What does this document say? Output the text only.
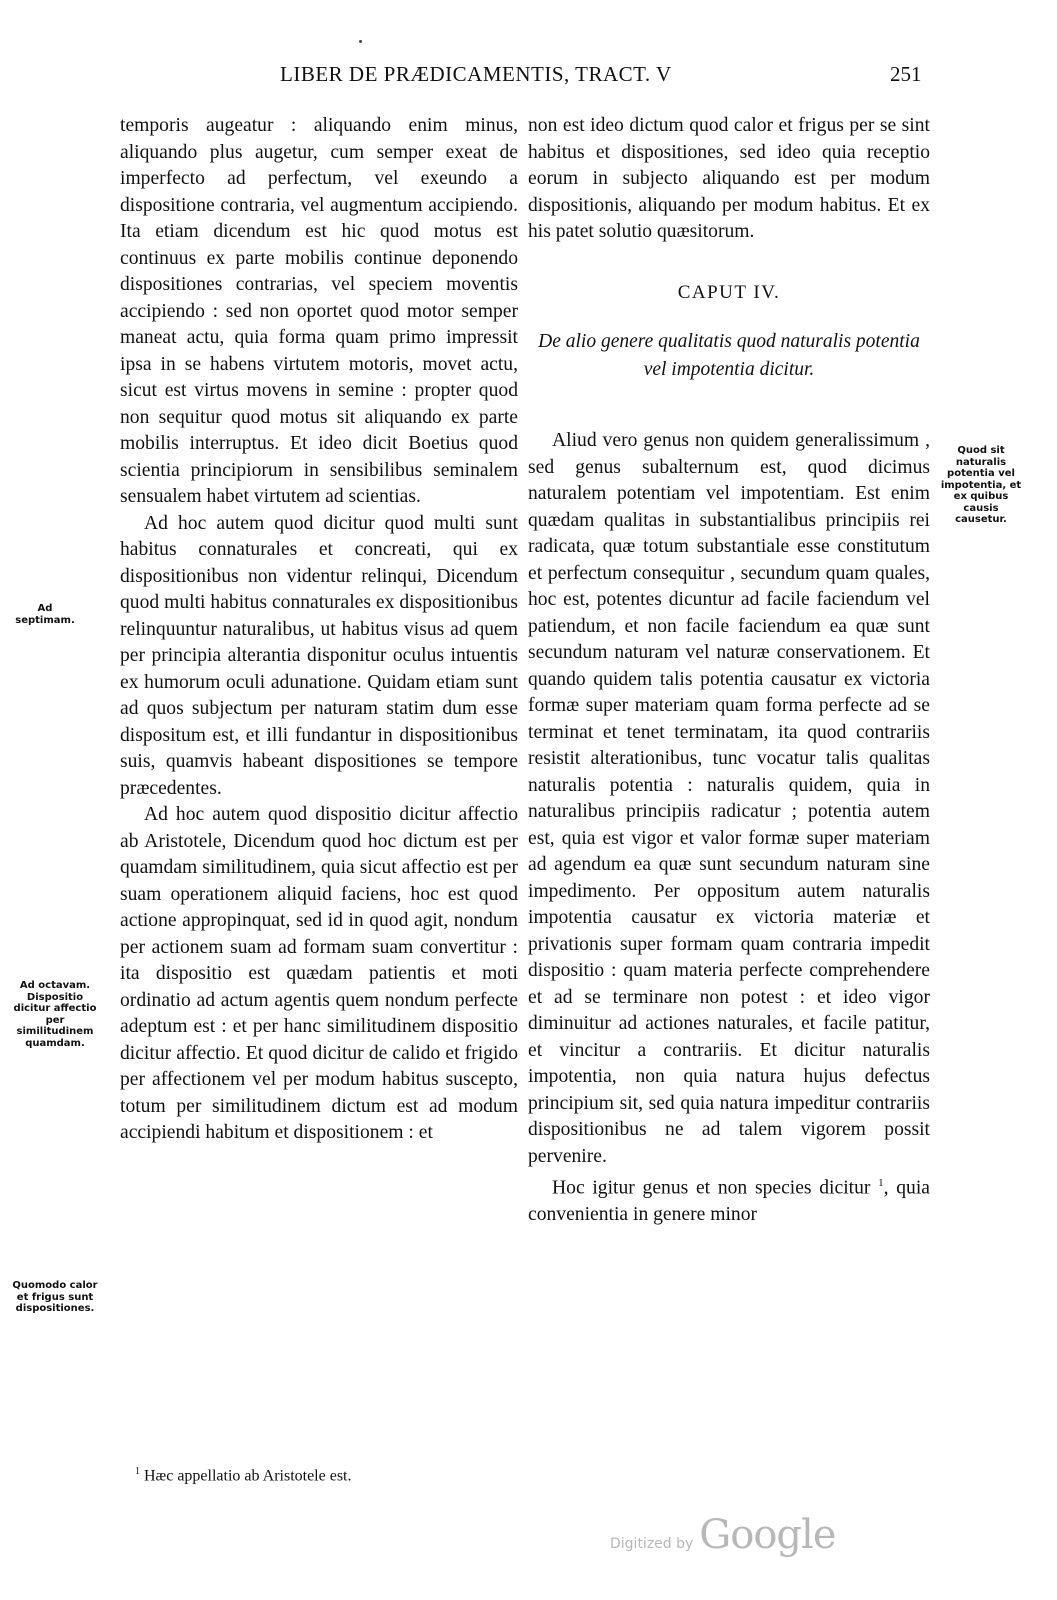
LIBER DE PRÆDICAMENTIS, TRACT. V	251

temporis augeatur : aliquando enim minus, aliquando plus augetur, cum semper exeat de imperfecto ad perfectum, vel exeundo a dispositione contraria, vel augmentum accipiendo. Ita etiam dicendum est hic quod motus est continuus ex parte mobilis continue deponendo dispositiones contrarias, vel speciem moventis accipiendo : sed non oportet quod motor semper maneat actu, quia forma quam primo impressit ipsa in se habens virtutem motoris, movet actu, sicut est virtus movens in semine : propter quod non sequitur quod motus sit aliquando ex parte mobilis interruptus. Et ideo dicit Boetius quod scientia principiorum in sensibilibus seminalem sensualem habet virtutem ad scientias.

Ad hoc autem quod dicitur quod multi sunt habitus connaturales et concreati, qui ex dispositionibus non videntur relinqui, Dicendum quod multi habitus connaturales ex dispositionibus relinquuntur naturalibus, ut habitus visus ad quem per principia alterantia disponitur oculus intuentis ex humorum oculi adunatione. Quidam etiam sunt ad quos subjectum per naturam statim dum esse dispositum est, et illi fundantur in dispositionibus suis, quamvis habeant dispositiones se tempore præcedentes.

Ad hoc autem quod dispositio dicitur affectio ab Aristotele, Dicendum quod hoc dictum est per quamdam similitudinem, quia sicut affectio est per suam operationem aliquid faciens, hoc est quod actione appropinquat, sed id in quod agit, nondum per actionem suam ad formam suam convertitur : ita dispositio est quædam patientis et moti ordinatio ad actum agentis quem nondum perfecte adeptum est : et per hanc similitudinem dispositio dicitur affectio. Et quod dicitur de calido et frigido per affectionem vel per modum habitus suscepto, totum per similitudinem dictum est ad modum accipiendi habitum et dispositionem : et

non est ideo dictum quod calor et frigus per se sint habitus et dispositiones, sed ideo quia receptio eorum in subjecto aliquando est per modum dispositionis, aliquando per modum habitus. Et ex his patet solutio quæsitorum.

CAPUT IV.
De alio genere qualitatis quod naturalis potentia vel impotentia dicitur.

Aliud vero genus non quidem generalissimum , sed genus subalternum est, quod dicimus naturalem potentiam vel impotentiam. Est enim quædam qualitas in substantialibus principiis rei radicata, quæ totum substantiale esse constitutum et perfectum consequitur , secundum quam quales, hoc est, potentes dicuntur ad facile faciendum vel patiendum, et non facile faciendum ea quæ sunt secundum naturam vel naturæ conservationem. Et quando quidem talis potentia causatur ex victoria formæ super materiam quam forma perfecte ad se terminat et tenet terminatam, ita quod contrariis resistit alterationibus, tunc vocatur talis qualitas naturalis potentia : naturalis quidem, quia in naturalibus principiis radicatur ; potentia autem est, quia est vigor et valor formæ super materiam ad agendum ea quæ sunt secundum naturam sine impedimento. Per oppositum autem naturalis impotentia causatur ex victoria materiæ et privationis super formam quam contraria impedit dispositio : quam materia perfecte comprehendere et ad se terminare non potest : et ideo vigor diminuitur ad actiones naturales, et facile patitur, et vincitur a contrariis. Et dicitur naturalis impotentia, non quia natura hujus defectus principium sit, sed quia natura impeditur contrariis dispositionibus ne ad talem vigorem possit pervenire.

Hoc igitur genus et non species dicitur $^1$, quia convenientia in genere minor

Ad septimam.
Ad octavam. Dispositio dicitur affectio per similitudinem quamdam.
Quomodo calor et frigus sunt dispositiones.
Quod sit naturalis potentia vel impotentia, et ex quibus causis causetur.
$^1$ Hæc appellatio ab Aristotele est.
Digitized by Google
